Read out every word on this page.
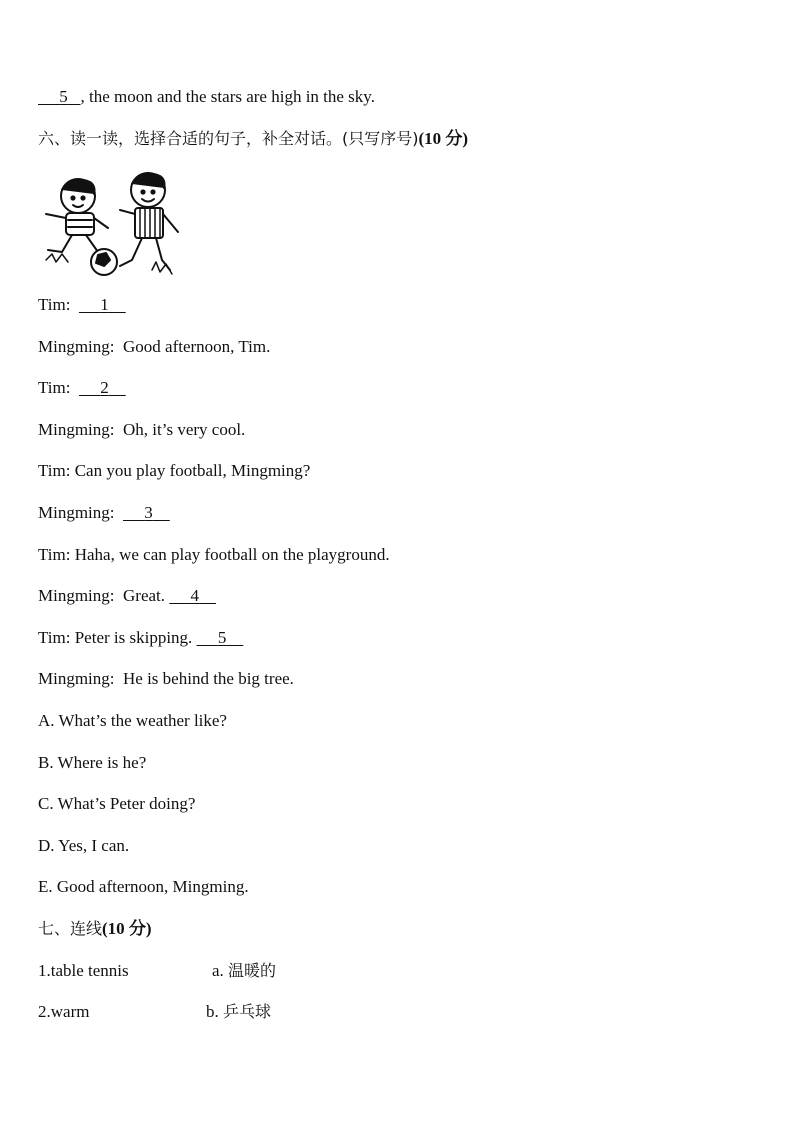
5 , the moon and the stars are high in the sky.
六、读一读，选择合适的句子，补全对话。(只写序号)(10 分)
Tim: 1
Mingming: Good afternoon, Tim.
Tim: 2
Mingming: Oh, it’s very cool.
Tim: Can you play football, Mingming?
Mingming: 3
Tim: Haha, we can play football on the playground.
Mingming: Great. 4
Tim: Peter is skipping. 5
Mingming: He is behind the big tree.
A. What’s the weather like?
B. Where is he?
C. What’s Peter doing?
D. Yes, I can.
E. Good afternoon, Mingming.
七、连线(10 分)
1.table tennis	a. 温暖的
2.warm	b. 乒乓球
